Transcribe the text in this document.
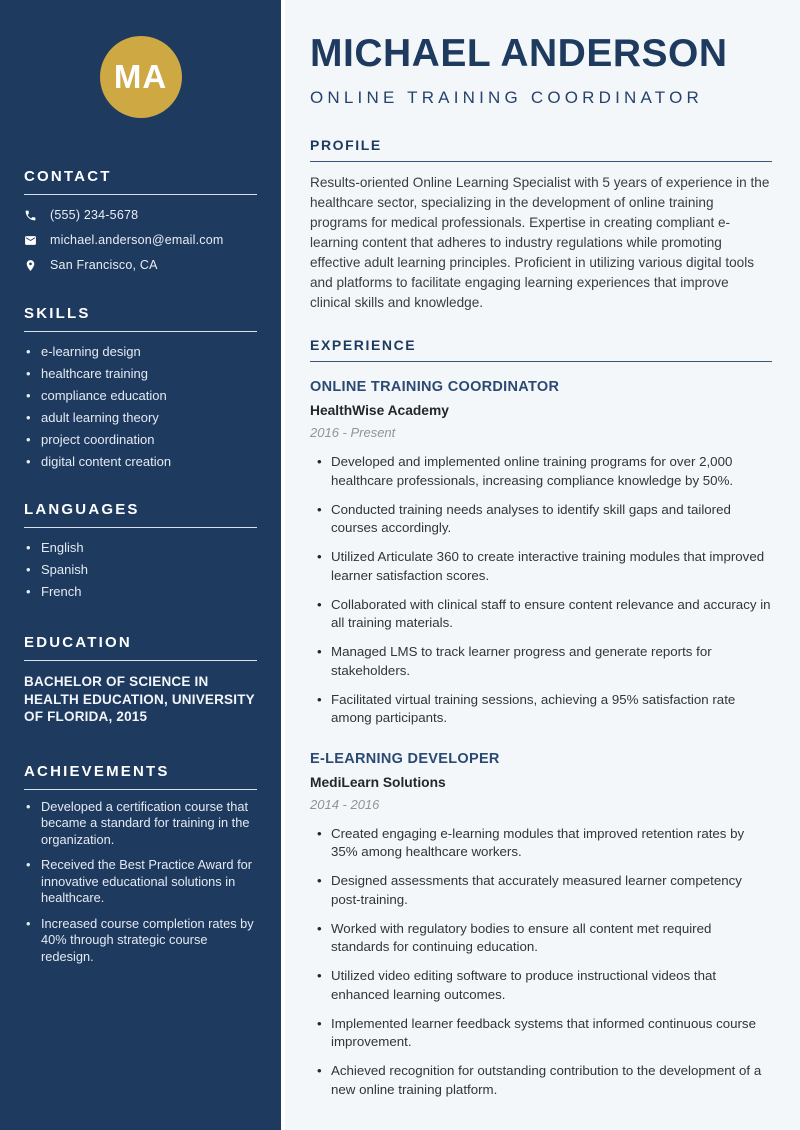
MA
CONTACT
(555) 234-5678
michael.anderson@email.com
San Francisco, CA
SKILLS
• e-learning design
• healthcare training
• compliance education
• adult learning theory
• project coordination
• digital content creation
LANGUAGES
• English
• Spanish
• French
EDUCATION
BACHELOR OF SCIENCE IN HEALTH EDUCATION, UNIVERSITY OF FLORIDA, 2015
ACHIEVEMENTS
• Developed a certification course that became a standard for training in the organization.
• Received the Best Practice Award for innovative educational solutions in healthcare.
• Increased course completion rates by 40% through strategic course redesign.
MICHAEL ANDERSON
ONLINE TRAINING COORDINATOR
PROFILE

Results-oriented Online Learning Specialist with 5 years of experience in the healthcare sector, specializing in the development of online training programs for medical professionals. Expertise in creating compliant e-learning content that adheres to industry regulations while promoting effective adult learning principles. Proficient in utilizing various digital tools and platforms to facilitate engaging learning experiences that improve clinical skills and knowledge.

EXPERIENCE
ONLINE TRAINING COORDINATOR
HealthWise Academy
2016 - Present
• Developed and implemented online training programs for over 2,000 healthcare professionals, increasing compliance knowledge by 50%.
• Conducted training needs analyses to identify skill gaps and tailored courses accordingly.
• Utilized Articulate 360 to create interactive training modules that improved learner satisfaction scores.
• Collaborated with clinical staff to ensure content relevance and accuracy in all training materials.
• Managed LMS to track learner progress and generate reports for stakeholders.
• Facilitated virtual training sessions, achieving a 95% satisfaction rate among participants.
E-LEARNING DEVELOPER
MediLearn Solutions
2014 - 2016
• Created engaging e-learning modules that improved retention rates by 35% among healthcare workers.
• Designed assessments that accurately measured learner competency post-training.
• Worked with regulatory bodies to ensure all content met required standards for continuing education.
• Utilized video editing software to produce instructional videos that enhanced learning outcomes.
• Implemented learner feedback systems that informed continuous course improvement.
• Achieved recognition for outstanding contribution to the development of a new online training platform.
